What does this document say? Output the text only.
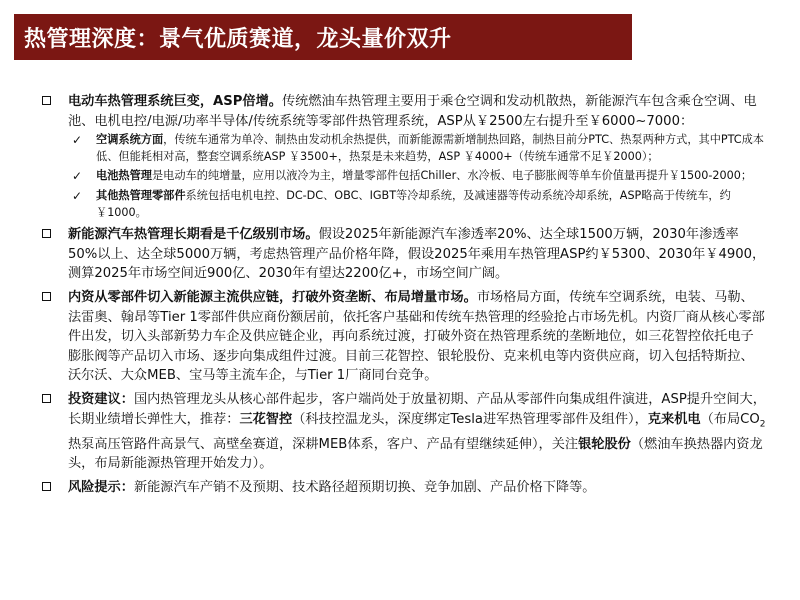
热管理深度：景气优质赛道，龙头量价双升
电动车热管理系统巨变，ASP倍增。传统燃油车热管理主要用于乘仓空调和发动机散热，新能源汽车包含乘仓空调、电池、电机电控/电源/功率半导体/传统系统等零部件热管理系统，ASP从￥2500左右提升至￥6000~7000：
✓ 空调系统方面，传统车通常为单冷、制热由发动机余热提供，而新能源需新增制热回路，制热目前分PTC、热泵两种方式，其中PTC成本低、但能耗相对高，整套空调系统ASP ￥3500+，热泵是未来趋势，ASP ￥4000+（传统车通常不足￥2000）；
✓ 电池热管理是电动车的纯增量，应用以液冷为主，增量零部件包括Chiller、水冷板、电子膨胀阀等单车价值量再提升￥1500-2000；
✓ 其他热管理零部件系统包括电机电控、DC-DC、OBC、IGBT等冷却系统，及减速器等传动系统冷却系统，ASP略高于传统车，约￥1000。
新能源汽车热管理长期看是千亿级别市场。假设2025年新能源汽车渗透率20%、达全球1500万辆，2030年渗透率50%以上、达全球5000万辆，考虑热管理产品价格年降，假设2025年乘用车热管理ASP约￥5300、2030年￥4900，测算2025年市场空间近900亿、2030年有望达2200亿+，市场空间广阔。
内资从零部件切入新能源主流供应链，打破外资垄断、布局增量市场。市场格局方面，传统车空调系统，电装、马勒、法雷奥、翰昂等Tier 1零部件供应商份额居前，依托客户基础和传统车热管理的经验抢占市场先机。内资厂商从核心零部件出发，切入头部新势力车企及供应链企业，再向系统过渡，打破外资在热管理系统的垄断地位，如三花智控依托电子膨胀阀等产品切入市场、逐步向集成组件过渡。目前三花智控、银轮股份、克来机电等内资供应商，切入包括特斯拉、沃尔沃、大众MEB、宝马等主流车企，与Tier 1厂商同台竞争。
投资建议：国内热管理龙头从核心部件起步，客户端尚处于放量初期、产品从零部件向集成组件演进，ASP提升空间大，长期业绩增长弹性大，推荐：三花智控（科技控温龙头，深度绑定Tesla进军热管理零部件及组件），克来机电（布局$CO_2$热泵高压管路件高景气、高壁垒赛道，深耕MEB体系，客户、产品有望继续延伸），关注银轮股份（燃油车换热器内资龙头，布局新能源热管理开始发力）。
风险提示：新能源汽车产销不及预期、技术路径超预期切换、竞争加剧、产品价格下降等。
